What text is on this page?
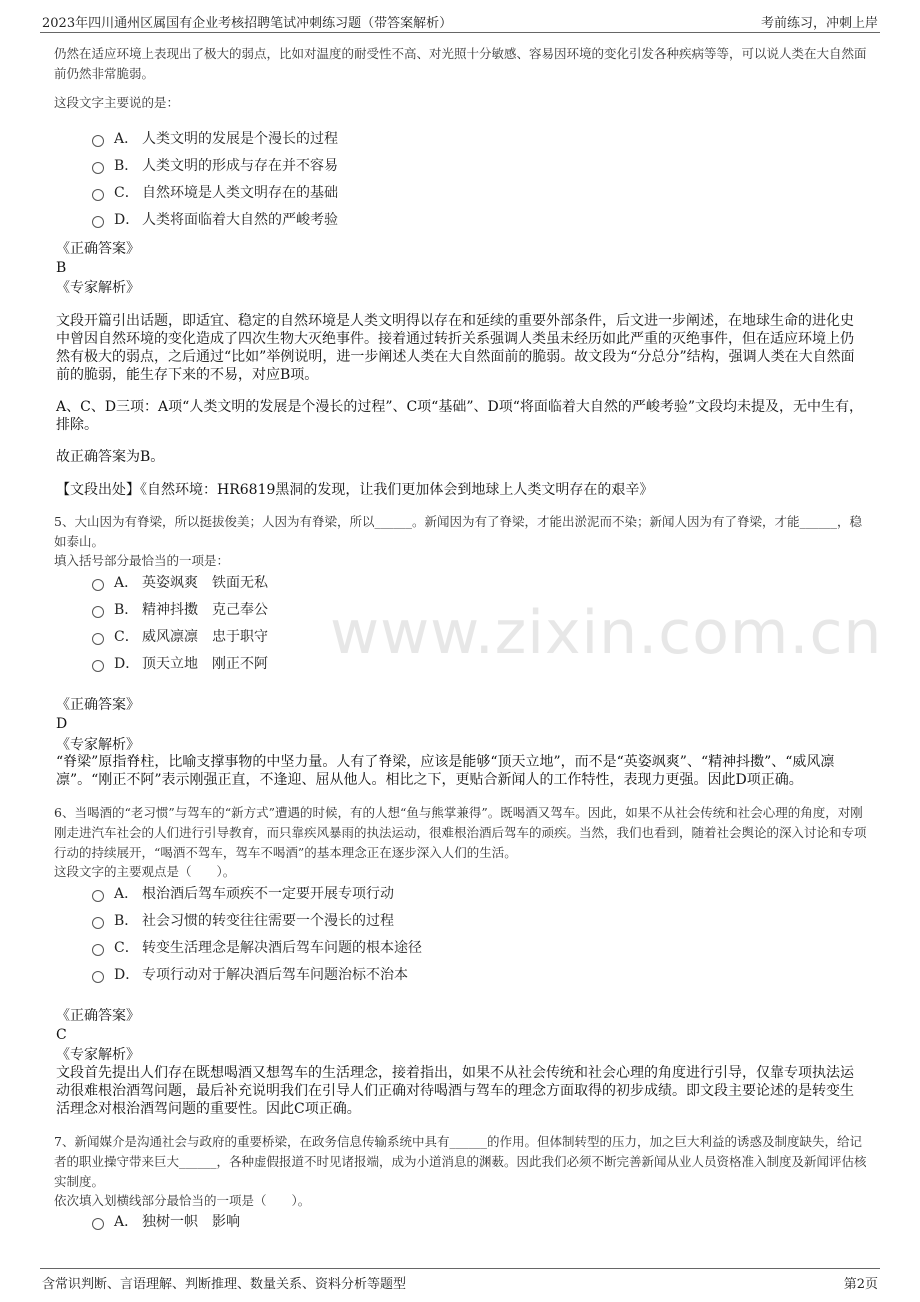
2023年四川通州区属国有企业考核招聘笔试冲刺练习题（带答案解析）	考前练习，冲刺上岸
www.zixin.com.cn
仍然在适应环境上表现出了极大的弱点，比如对温度的耐受性不高、对光照十分敏感、容易因环境的变化引发各种疾病等等，可以说人类在大自然面前仍然非常脆弱。
这段文字主要说的是：
A． 人类文明的发展是个漫长的过程
B． 人类文明的形成与存在并不容易
C． 自然环境是人类文明存在的基础
D． 人类将面临着大自然的严峻考验
《正确答案》
B
《专家解析》
文段开篇引出话题，即适宜、稳定的自然环境是人类文明得以存在和延续的重要外部条件，后文进一步阐述，在地球生命的进化史中曾因自然环境的变化造成了四次生物大灭绝事件。接着通过转折关系强调人类虽未经历如此严重的灭绝事件，但在适应环境上仍然有极大的弱点，之后通过“比如”举例说明，进一步阐述人类在大自然面前的脆弱。故文段为“分总分”结构，强调人类在大自然面前的脆弱，能生存下来的不易，对应B项。
A、C、D三项：A项“人类文明的发展是个漫长的过程”、C项“基础”、D项“将面临着大自然的严峻考验”文段均未提及，无中生有，排除。
故正确答案为B。
【文段出处】《自然环境：HR6819黑洞的发现，让我们更加体会到地球上人类文明存在的艰辛》
5、大山因为有脊梁，所以挺拔俊美；人因为有脊梁，所以______。新闻因为有了脊梁，才能出淤泥而不染；新闻人因为有了脊梁，才能______，稳如泰山。
填入括号部分最恰当的一项是：
A． 英姿飒爽　铁面无私
B． 精神抖擞　克己奉公
C． 威风凛凛　忠于职守
D． 顶天立地　刚正不阿
《正确答案》
D
《专家解析》
“脊梁”原指脊柱，比喻支撑事物的中坚力量。人有了脊梁，应该是能够“顶天立地”，而不是“英姿飒爽”、“精神抖擞”、“威风凛凛”。“刚正不阿”表示刚强正直，不逢迎、屈从他人。相比之下，更贴合新闻人的工作特性，表现力更强。因此D项正确。
6、当喝酒的“老习惯”与驾车的“新方式”遭遇的时候，有的人想“鱼与熊掌兼得”。既喝酒又驾车。因此，如果不从社会传统和社会心理的角度，对刚刚走进汽车社会的人们进行引导教育，而只靠疾风暴雨的执法运动，很难根治酒后驾车的顽疾。当然，我们也看到，随着社会舆论的深入讨论和专项行动的持续展开，“喝酒不驾车，驾车不喝酒”的基本理念正在逐步深入人们的生活。
这段文字的主要观点是（　　）。
A． 根治酒后驾车顽疾不一定要开展专项行动
B． 社会习惯的转变往往需要一个漫长的过程
C． 转变生活理念是解决酒后驾车问题的根本途径
D． 专项行动对于解决酒后驾车问题治标不治本
《正确答案》
C
《专家解析》
文段首先提出人们存在既想喝酒又想驾车的生活理念，接着指出，如果不从社会传统和社会心理的角度进行引导，仅靠专项执法运动很难根治酒驾问题，最后补充说明我们在引导人们正确对待喝酒与驾车的理念方面取得的初步成绩。即文段主要论述的是转变生活理念对根治酒驾问题的重要性。因此C项正确。
7、新闻媒介是沟通社会与政府的重要桥梁，在政务信息传输系统中具有______的作用。但体制转型的压力，加之巨大利益的诱惑及制度缺失，给记者的职业操守带来巨大______，各种虚假报道不时见诸报端，成为小道消息的渊薮。因此我们必须不断完善新闻从业人员资格准入制度及新闻评估核实制度。
依次填入划横线部分最恰当的一项是（　　）。
A． 独树一帜　影响
含常识判断、言语理解、判断推理、数量关系、资料分析等题型	第2页
